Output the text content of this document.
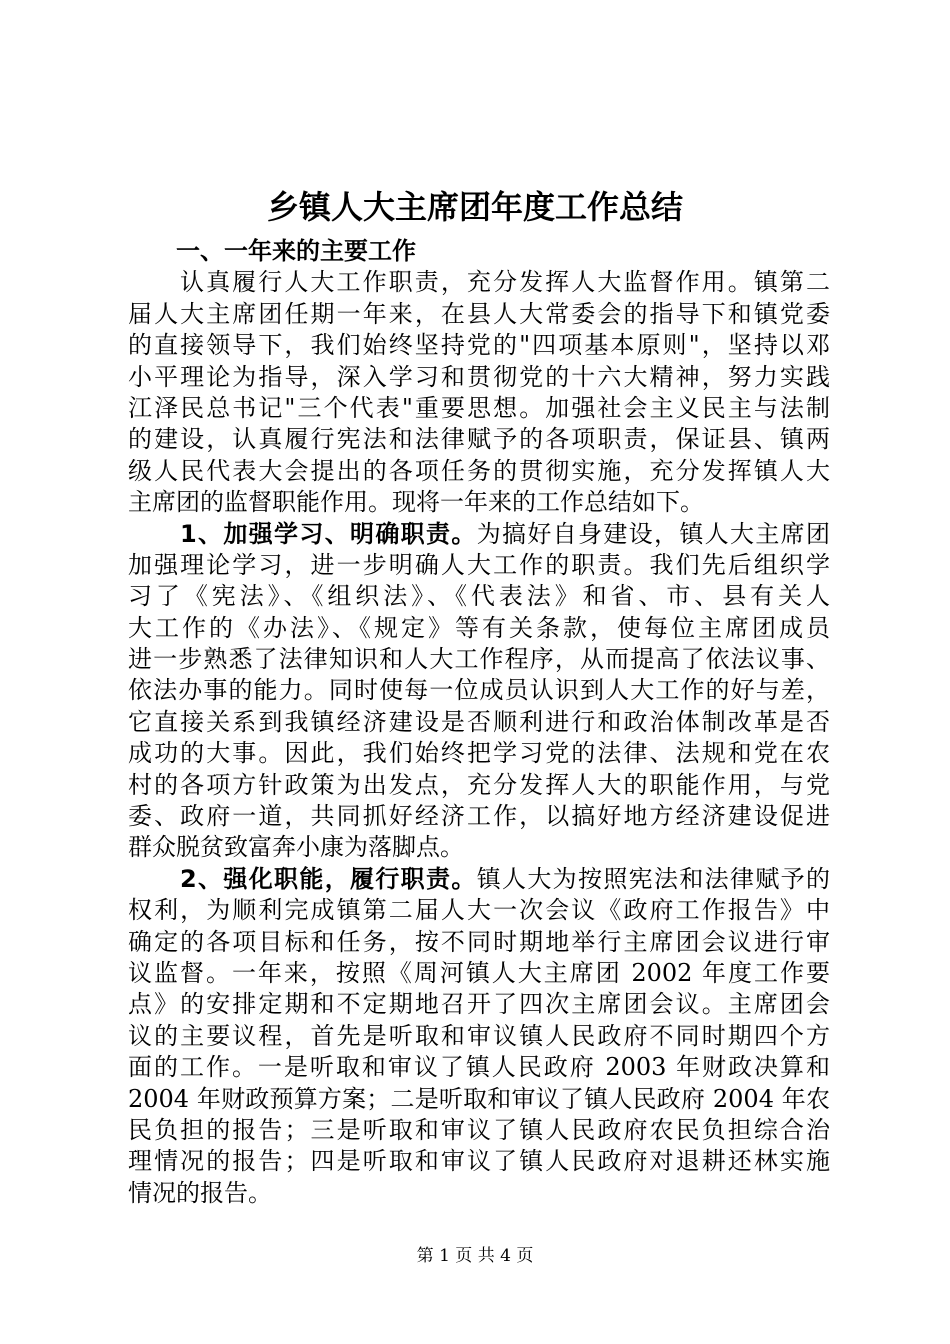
乡镇人大主席团年度工作总结
一、一年来的主要工作
认真履行人大工作职责，充分发挥人大监督作用。镇第二
届人大主席团任期一年来，在县人大常委会的指导下和镇党委
的直接领导下，我们始终坚持党的"四项基本原则"，坚持以邓
小平理论为指导，深入学习和贯彻党的十六大精神，努力实践
江泽民总书记"三个代表"重要思想。加强社会主义民主与法制
的建设，认真履行宪法和法律赋予的各项职责，保证县、镇两
级人民代表大会提出的各项任务的贯彻实施，充分发挥镇人大
主席团的监督职能作用。现将一年来的工作总结如下。
1、加强学习、明确职责。为搞好自身建设，镇人大主席团
加强理论学习，进一步明确人大工作的职责。我们先后组织学
习了《宪法》、《组织法》、《代表法》和省、市、县有关人
大工作的《办法》、《规定》等有关条款，使每位主席团成员
进一步熟悉了法律知识和人大工作程序，从而提高了依法议事、
依法办事的能力。同时使每一位成员认识到人大工作的好与差，
它直接关系到我镇经济建设是否顺利进行和政治体制改革是否
成功的大事。因此，我们始终把学习党的法律、法规和党在农
村的各项方针政策为出发点，充分发挥人大的职能作用，与党
委、政府一道，共同抓好经济工作，以搞好地方经济建设促进
群众脱贫致富奔小康为落脚点。
2、强化职能，履行职责。镇人大为按照宪法和法律赋予的
权利，为顺利完成镇第二届人大一次会议《政府工作报告》中
确定的各项目标和任务，按不同时期地举行主席团会议进行审
议监督。一年来，按照《周河镇人大主席团 2002 年度工作要
点》的安排定期和不定期地召开了四次主席团会议。主席团会
议的主要议程，首先是听取和审议镇人民政府不同时期四个方
面的工作。一是听取和审议了镇人民政府 2003 年财政决算和
2004 年财政预算方案；二是听取和审议了镇人民政府 2004 年农
民负担的报告；三是听取和审议了镇人民政府农民负担综合治
理情况的报告；四是听取和审议了镇人民政府对退耕还林实施
情况的报告。
第 1 页 共 4 页
